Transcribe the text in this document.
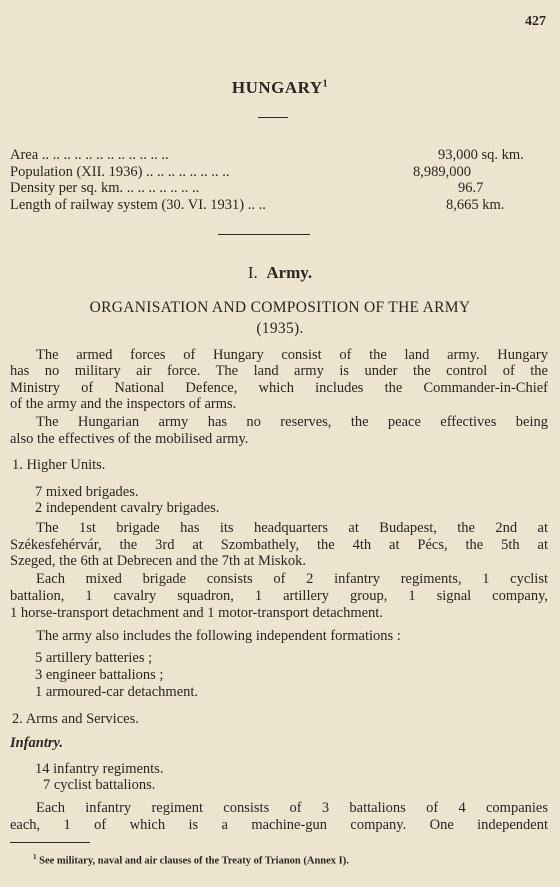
427
HUNGARY$^1$
Area .. .. .. .. .. .. .. .. .. .. .. ..	93,000 sq. km.
Population (XII. 1936) .. .. .. .. .. .. .. ..	8,989,000
Density per sq. km. .. .. .. .. .. .. ..	96.7
Length of railway system (30. VI. 1931) .. ..	8,665 km.
I. Army.
ORGANISATION AND COMPOSITION OF THE ARMY
(1935).
The armed forces of Hungary consist of the land army. Hungary
has no military air force. The land army is under the control of the
Ministry of National Defence, which includes the Commander-in-Chief
of the army and the inspectors of arms.
The Hungarian army has no reserves, the peace effectives being
also the effectives of the mobilised army.
1. Higher Units.
7 mixed brigades.
2 independent cavalry brigades.
The 1st brigade has its headquarters at Budapest, the 2nd at
Székesfehérvár, the 3rd at Szombathely, the 4th at Pécs, the 5th at
Szeged, the 6th at Debrecen and the 7th at Miskok.
Each mixed brigade consists of 2 infantry regiments, 1 cyclist
battalion, 1 cavalry squadron, 1 artillery group, 1 signal company,
1 horse-transport detachment and 1 motor-transport detachment.
The army also includes the following independent formations :
5 artillery batteries ;
3 engineer battalions ;
1 armoured-car detachment.
2. Arms and Services.
Infantry.
14 infantry regiments.
7 cyclist battalions.
Each infantry regiment consists of 3 battalions of 4 companies
each, 1 of which is a machine-gun company. One independent
$^1$ See military, naval and air clauses of the Treaty of Trianon (Annex I).
